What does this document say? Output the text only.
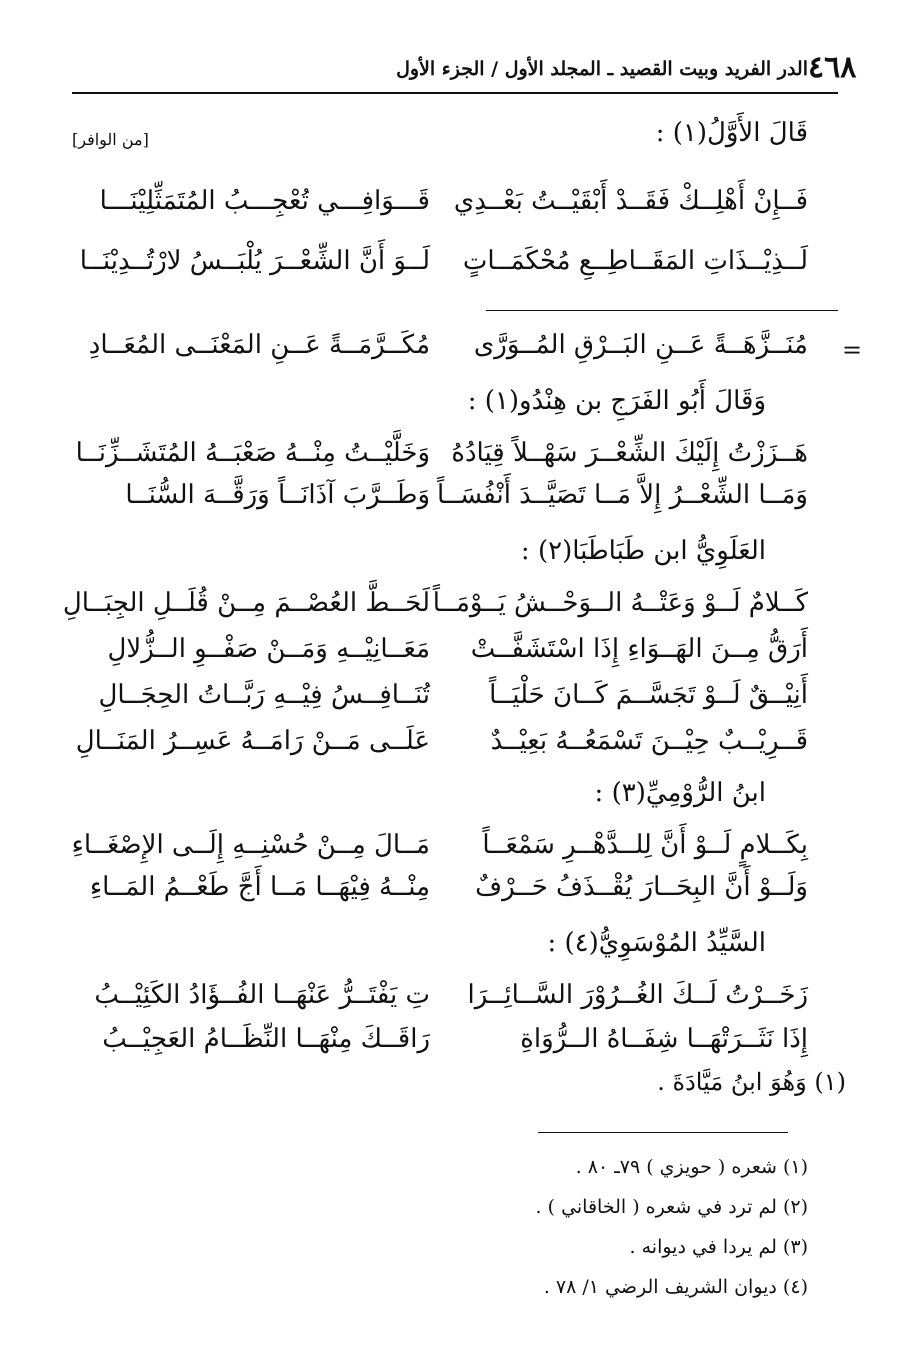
٤٦٨
الدر الفريد وبيت القصيد ـ المجلد الأول / الجزء الأول
قَالَ الأَوَّلُ(١) :
[من الوافر]
فَــإِنْ أَهْلِــكْ فَقَــدْ أَبْقَيْــتُ بَعْــدِي
قَـــوَافِـــي تُعْجِـــبُ المُتَمَثِّلِيْنَـــا
لَــذِيْــذَاتِ المَقَــاطِــعِ مُحْكَمَــاتٍ
لَــوَ أَنَّ الشِّعْــرَ يُلْبَــسُ لارْتُــدِيْنَــا
=
مُنَــزَّهَــةً عَــنِ البَــرْقِ المُــوَرَّى
مُكَــرَّمَــةً عَــنِ المَعْنَــى المُعَــادِ
وَقَالَ أَبُو الفَرَجِ بن هِنْدُو(١) :
هَــزَزْتُ إِلَيْكَ الشِّعْــرَ سَهْــلاً قِيَادُهُ
وَخَلَّيْــتُ مِنْــهُ صَعْبَــهُ المُتَشَــزِّنَــا
وَمَــا الشِّعْــرُ إِلاَّ مَــا تَصَيَّــدَ أَنْفُسَــاً
وَطَــرَّبَ آذَانَــاً وَرَقَّــهَ السُّنَــا
العَلَوِيُّ ابن طَبَاطَبَا(٢) :
كَــلامٌ لَــوْ وَعَتْــهُ الــوَحْــشُ يَــوْمَــاً
لَحَــطَّ العُصْــمَ مِــنْ قُلَــلِ الجِبَــالِ
أَرَقُّ مِــنَ الهَــوَاءِ إِذَا اسْتَشَفَّــتْ
مَعَــانِيْــهِ وَمَــنْ صَفْــوِ الــزُّلالِ
أَنِيْــقٌ لَــوْ تَجَسَّــمَ كَــانَ حَلْيَــاً
تُنَــافِــسُ فِيْــهِ رَبَّــاتُ الحِجَــالِ
قَــرِيْــبٌ حِيْــنَ تَسْمَعُــهُ بَعِيْــدٌ
عَلَــى مَــنْ رَامَــهُ عَسِــرُ المَنَــالِ
ابنُ الرُّوْمِيِّ(٣) :
بِكَــلامٍ لَــوْ أَنَّ لِلــدَّهْــرِ سَمْعَــاً
مَــالَ مِــنْ حُسْنِــهِ إِلَــى الإِصْغَــاءِ
وَلَــوْ أَنَّ البِحَــارَ يُقْــذَفُ حَــرْفٌ
مِنْــهُ فِيْهَــا مَــا أَجَّ طَعْــمُ المَــاءِ
السَّيِّدُ المُوْسَوِيُّ(٤) :
زَخَــرْتُ لَــكَ الغُــرُوْرَ السَّــائِــرَا
تِ يَفْتَــرُّ عَنْهَــا الفُــؤَادُ الكَئِيْــبُ
إِذَا نَثَــرَتْهَــا شِفَــاهُ الــرُّوَاةِ
رَاقَــكَ مِنْهَــا النِّظَــامُ العَجِيْــبُ
(١) وَهُوَ ابنُ مَيَّادَةَ .
(١) شعره ( حويزي ) ٧٩ـ ٨٠ .
(٢) لم ترد في شعره ( الخاقاني ) .
(٣) لم يردا في ديوانه .
(٤) ديوان الشريف الرضي ١/ ٧٨ .
